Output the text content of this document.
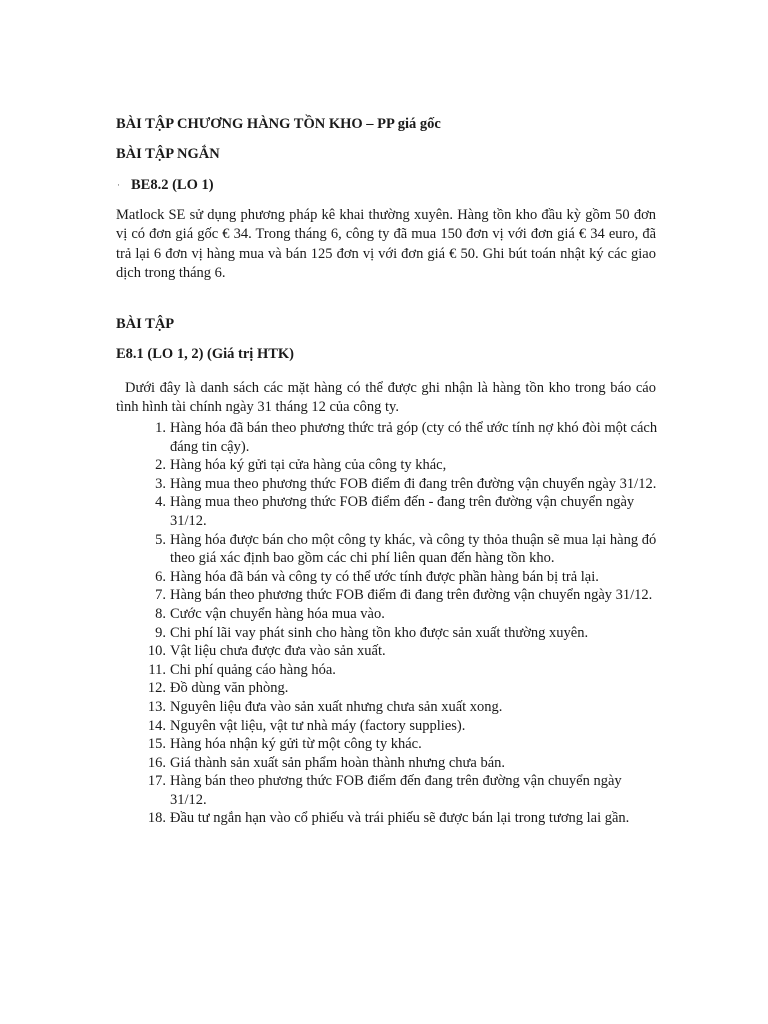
BÀI TẬP CHƯƠNG HÀNG TỒN KHO – PP giá gốc
BÀI TẬP NGẮN
· BE8.2 (LO 1)
Matlock SE sử dụng phương pháp kê khai thường xuyên. Hàng tồn kho đầu kỳ gồm 50 đơn vị có đơn giá gốc € 34. Trong tháng 6, công ty đã mua 150 đơn vị với đơn giá € 34 euro, đã trả lại 6 đơn vị hàng mua và bán 125 đơn vị với đơn giá € 50. Ghi bút toán nhật ký các giao dịch trong tháng 6.
BÀI TẬP
E8.1 (LO 1, 2) (Giá trị HTK)
Dưới đây là danh sách các mặt hàng có thể được ghi nhận là hàng tồn kho trong báo cáo tình hình tài chính ngày 31 tháng 12 của công ty.
1. Hàng hóa đã bán theo phương thức trả góp (cty có thể ước tính nợ khó đòi một cách đáng tin cậy).
2. Hàng hóa ký gửi tại cửa hàng của công ty khác,
3. Hàng mua theo phương thức FOB điểm đi đang trên đường vận chuyển ngày 31/12.
4. Hàng mua theo phương thức FOB điểm đến - đang trên đường vận chuyển ngày 31/12.
5. Hàng hóa được bán cho một công ty khác, và công ty thỏa thuận sẽ mua lại hàng đó theo giá xác định bao gồm các chi phí liên quan đến hàng tồn kho.
6. Hàng hóa đã bán và công ty có thể ước tính được phần hàng bán bị trả lại.
7. Hàng bán theo phương thức FOB điểm đi đang trên đường vận chuyển ngày 31/12.
8. Cước vận chuyển hàng hóa mua vào.
9. Chi phí lãi vay phát sinh cho hàng tồn kho được sản xuất thường xuyên.
10. Vật liệu chưa được đưa vào sản xuất.
11. Chi phí quảng cáo hàng hóa.
12. Đồ dùng văn phòng.
13. Nguyên liệu đưa vào sản xuất nhưng chưa sản xuất xong.
14. Nguyên vật liệu, vật tư nhà máy (factory supplies).
15. Hàng hóa nhận ký gửi từ một công ty khác.
16. Giá thành sản xuất sản phẩm hoàn thành nhưng chưa bán.
17. Hàng bán theo phương thức FOB điểm đến đang trên đường vận chuyển ngày 31/12.
18. Đầu tư ngắn hạn vào cổ phiếu và trái phiếu sẽ được bán lại trong tương lai gần.
